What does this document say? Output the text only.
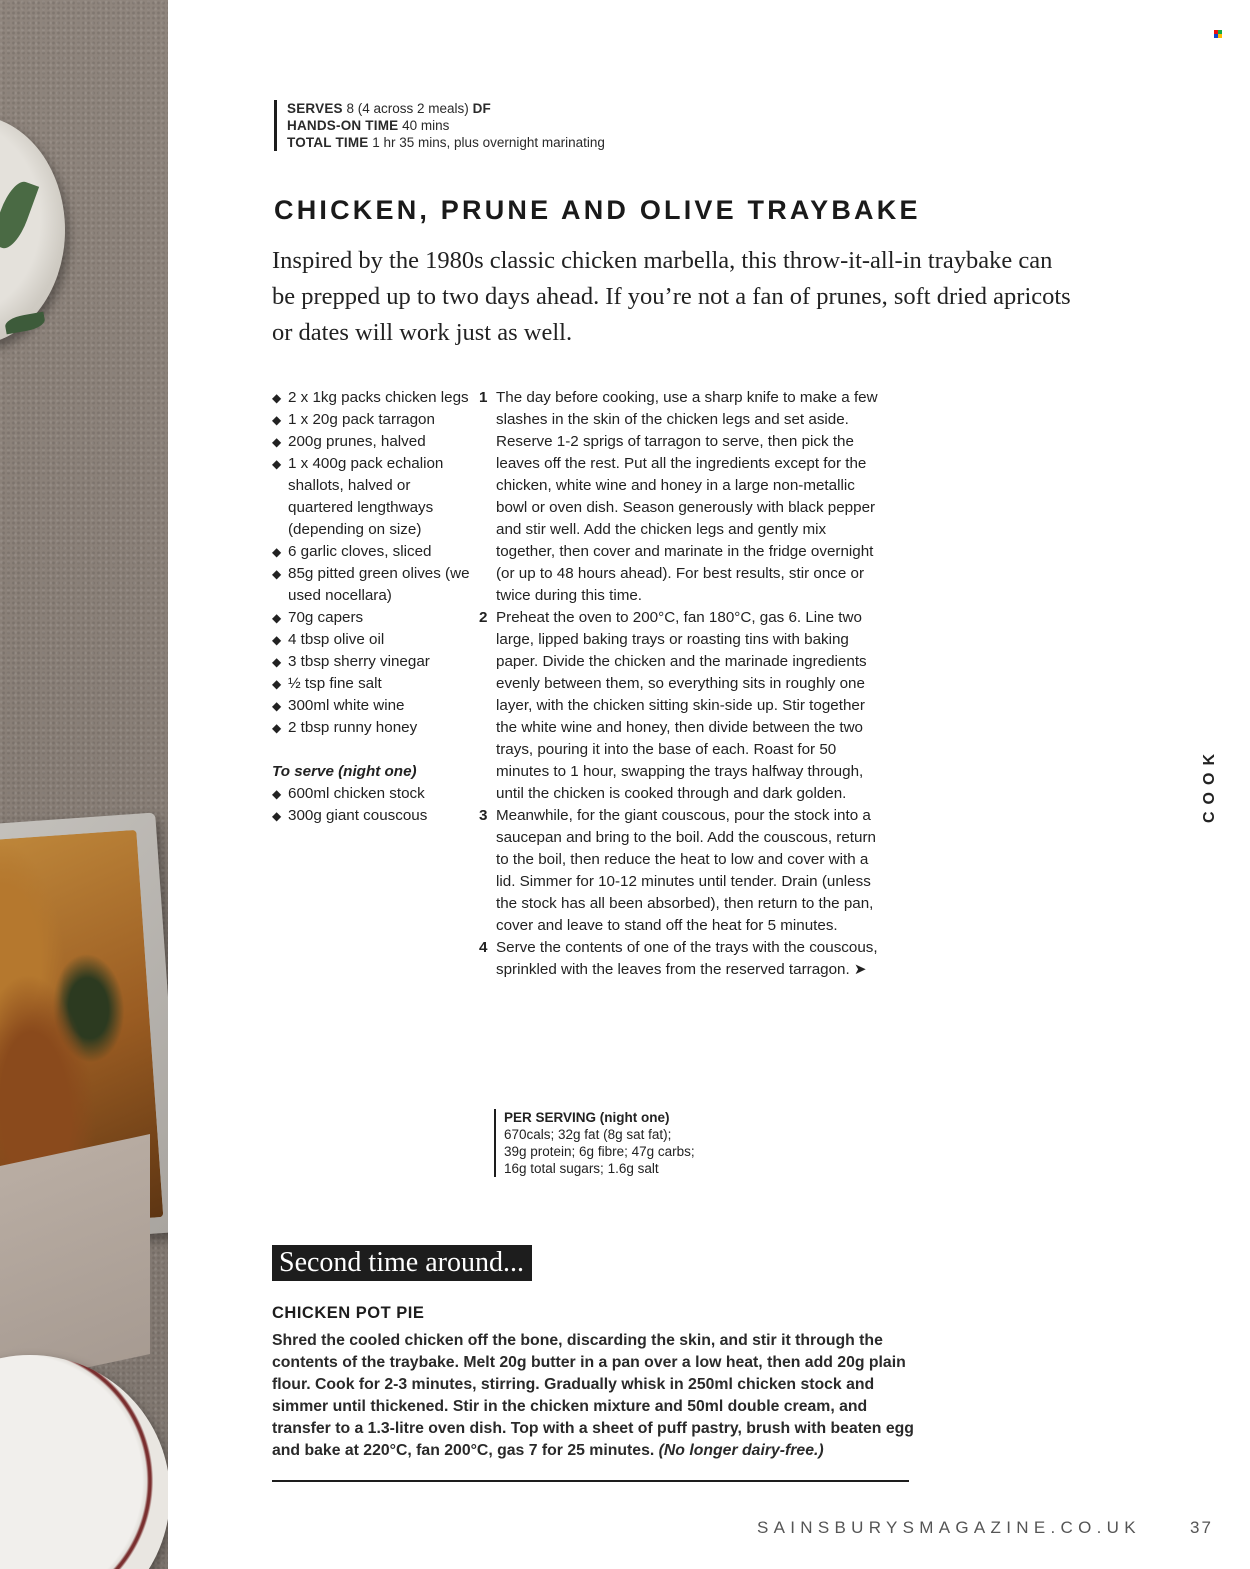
SERVES 8 (4 across 2 meals) DF
HANDS-ON TIME 40 mins
TOTAL TIME 1 hr 35 mins, plus overnight marinating
CHICKEN, PRUNE AND OLIVE TRAYBAKE

Inspired by the 1980s classic chicken marbella, this throw-it-all-in traybake can be prepped up to two days ahead. If you’re not a fan of prunes, soft dried apricots or dates will work just as well.

◆ 2 x 1kg packs chicken legs
◆ 1 x 20g pack tarragon
◆ 200g prunes, halved
◆ 1 x 400g pack echalion shallots, halved or quartered lengthways (depending on size)
◆ 6 garlic cloves, sliced
◆ 85g pitted green olives (we used nocellara)
◆ 70g capers
◆ 4 tbsp olive oil
◆ 3 tbsp sherry vinegar
◆ ½ tsp fine salt
◆ 300ml white wine
◆ 2 tbsp runny honey
To serve (night one)
◆ 600ml chicken stock
◆ 300g giant couscous
1 The day before cooking, use a sharp knife to make a few slashes in the skin of the chicken legs and set aside. Reserve 1-2 sprigs of tarragon to serve, then pick the leaves off the rest. Put all the ingredients except for the chicken, white wine and honey in a large non-metallic bowl or oven dish. Season generously with black pepper and stir well. Add the chicken legs and gently mix together, then cover and marinate in the fridge overnight (or up to 48 hours ahead). For best results, stir once or twice during this time.
2 Preheat the oven to 200°C, fan 180°C, gas 6. Line two large, lipped baking trays or roasting tins with baking paper. Divide the chicken and the marinade ingredients evenly between them, so everything sits in roughly one layer, with the chicken sitting skin-side up. Stir together the white wine and honey, then divide between the two trays, pouring it into the base of each. Roast for 50 minutes to 1 hour, swapping the trays halfway through, until the chicken is cooked through and dark golden.
3 Meanwhile, for the giant couscous, pour the stock into a saucepan and bring to the boil. Add the couscous, return to the boil, then reduce the heat to low and cover with a lid. Simmer for 10-12 minutes until tender. Drain (unless the stock has all been absorbed), then return to the pan, cover and leave to stand off the heat for 5 minutes.
4 Serve the contents of one of the trays with the couscous, sprinkled with the leaves from the reserved tarragon. ➤
PER SERVING (night one)
670cals; 32g fat (8g sat fat);
39g protein; 6g fibre; 47g carbs;
16g total sugars; 1.6g salt
COOK
Second time around...
CHICKEN POT PIE

Shred the cooled chicken off the bone, discarding the skin, and stir it through the contents of the traybake. Melt 20g butter in a pan over a low heat, then add 20g plain flour. Cook for 2-3 minutes, stirring. Gradually whisk in 250ml chicken stock and simmer until thickened. Stir in the chicken mixture and 50ml double cream, and transfer to a 1.3-litre oven dish. Top with a sheet of puff pastry, brush with beaten egg and bake at 220°C, fan 200°C, gas 7 for 25 minutes. (No longer dairy-free.)

SAINSBURYSMAGAZINE.CO.UK	37
